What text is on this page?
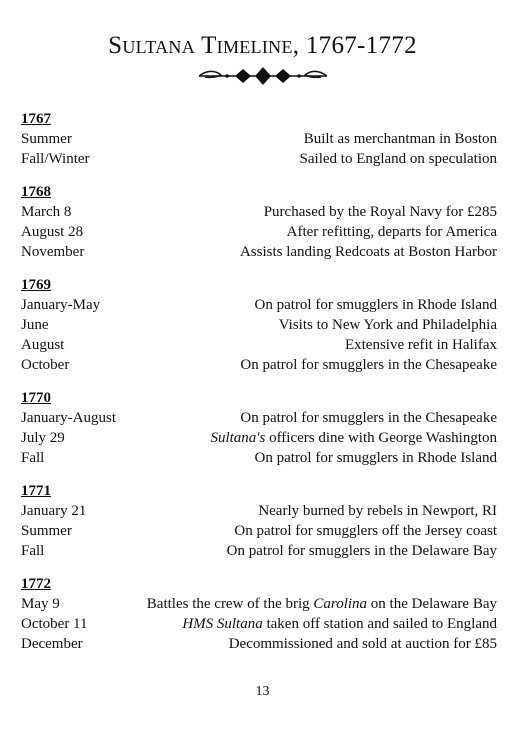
Sultana Timeline, 1767-1772
1767
Summer	Built as merchantman in Boston
Fall/Winter	Sailed to England on speculation
1768
March 8	Purchased by the Royal Navy for £285
August 28	After refitting, departs for America
November	Assists landing Redcoats at Boston Harbor
1769
January-May	On patrol for smugglers in Rhode Island
June	Visits to New York and Philadelphia
August	Extensive refit in Halifax
October	On patrol for smugglers in the Chesapeake
1770
January-August	On patrol for smugglers in the Chesapeake
July 29	Sultana's officers dine with George Washington
Fall	On patrol for smugglers in Rhode Island
1771
January 21	Nearly burned by rebels in Newport, RI
Summer	On patrol for smugglers off the Jersey coast
Fall	On patrol for smugglers in the Delaware Bay
1772
May 9	Battles the crew of the brig Carolina on the Delaware Bay
October 11	HMS Sultana taken off station and sailed to England
December	Decommissioned and sold at auction for £85
13
